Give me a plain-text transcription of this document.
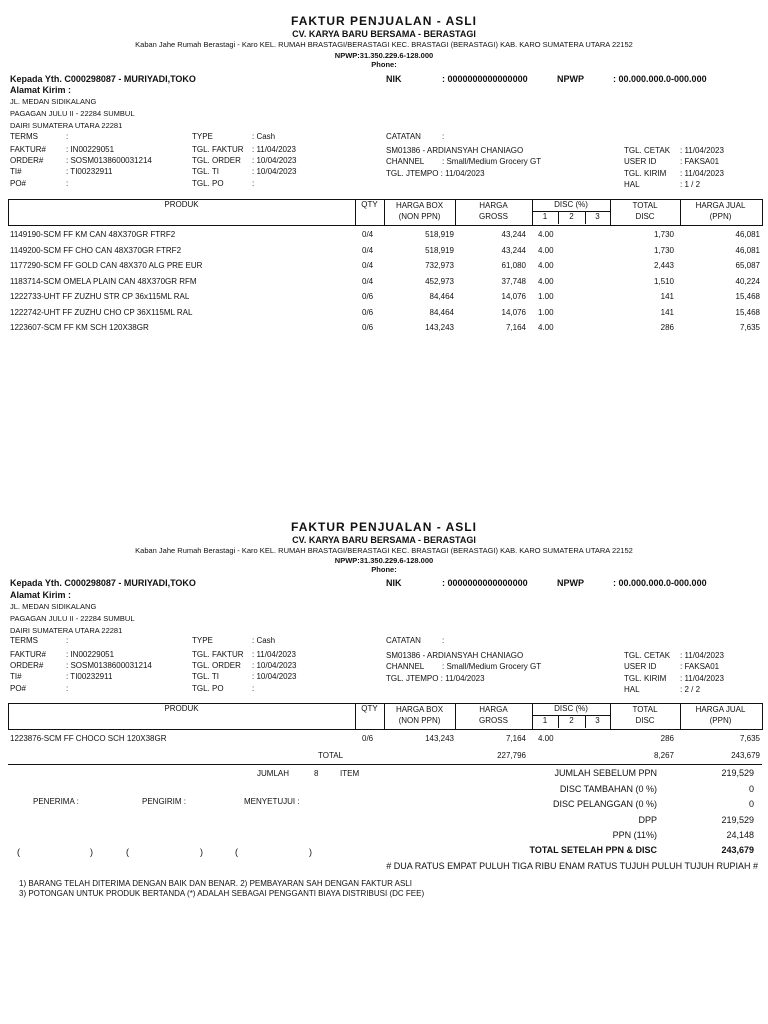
FAKTUR PENJUALAN - ASLI
CV. KARYA BARU BERSAMA - BERASTAGI
Kaban Jahe Rumah Berastagi - Karo KEL. RUMAH BRASTAGI/BERASTAGI KEC. BRASTAGI (BERASTAGI) KAB. KARO SUMATERA UTARA 22152
NPWP:31.350.229.6-128.000
Phone:
Kepada Yth. C000298087 - MURIYADI,TOKO
Alamat Kirim :
JL. MEDAN SIDIKALANG
PAGAGAN JULU II - 22284 SUMBUL
DAIRI SUMATERA UTARA 22281
NIK	: 0000000000000000	NPWP	: 00.000.000.0-000.000
TERMS	:
FAKTUR# : IN00229051
ORDER#	: SOSM0138600031214
TI#	: TI00232911
PO#	:
TYPE	: Cash
TGL. FAKTUR : 11/04/2023
TGL. ORDER : 10/04/2023
TGL. TI	: 10/04/2023
TGL. PO	:
CATATAN	:
SM01386 - ARDIANSYAH CHANIAGO
CHANNEL : Small/Medium Grocery GT
TGL. JTEMPO : 11/04/2023
TGL. CETAK : 11/04/2023
USER ID	: FAKSA01
TGL. KIRIM : 11/04/2023
HAL	: 1 / 2
PRODUK	QTY	HARGA BOX
(NON PPN)
HARGA
GROSS
DISC (%)
1	2	3
TOTAL
DISC
HARGA JUAL
(PPN)
1149190-SCM FF KM CAN 48X370GR FTRF2	0/4	518,919	43,244 4.00	1,730	46,081
1149200-SCM FF CHO CAN 48X370GR FTRF2	0/4	518,919	43,244 4.00	1,730	46,081
1177290-SCM FF GOLD CAN 48X370 ALG PRE EUR	0/4	732,973	61,080 4.00	2,443	65,087
1183714-SCM OMELA PLAIN CAN 48X370GR RFM	0/4	452,973	37,748 4.00	1,510	40,224
1222733-UHT FF ZUZHU STR CP 36x115ML RAL	0/6	84,464	14,076 1.00	141	15,468
1222742-UHT FF ZUZHU CHO CP 36X115ML RAL	0/6	84,464	14,076 1.00	141	15,468
1223607-SCM FF KM SCH 120X38GR	0/6	143,243	7,164 4.00	286	7,635
FAKTUR PENJUALAN - ASLI
CV. KARYA BARU BERSAMA - BERASTAGI
Kaban Jahe Rumah Berastagi - Karo KEL. RUMAH BRASTAGI/BERASTAGI KEC. BRASTAGI (BERASTAGI) KAB. KARO SUMATERA UTARA 22152
NPWP:31.350.229.6-128.000
Phone:
Kepada Yth. C000298087 - MURIYADI,TOKO
Alamat Kirim :
JL. MEDAN SIDIKALANG
PAGAGAN JULU II - 22284 SUMBUL
DAIRI SUMATERA UTARA 22281
NIK	: 0000000000000000	NPWP	: 00.000.000.0-000.000
TERMS	:
FAKTUR# : IN00229051
ORDER#	: SOSM0138600031214
TI#	: TI00232911
PO#	:
TYPE	: Cash
TGL. FAKTUR : 11/04/2023
TGL. ORDER : 10/04/2023
TGL. TI	: 10/04/2023
TGL. PO	:
CATATAN	:
SM01386 - ARDIANSYAH CHANIAGO
CHANNEL : Small/Medium Grocery GT
TGL. JTEMPO : 11/04/2023
TGL. CETAK : 11/04/2023
USER ID	: FAKSA01
TGL. KIRIM : 11/04/2023
HAL	: 2 / 2
PRODUK	QTY	HARGA BOX
(NON PPN)
HARGA
GROSS
DISC (%)
1	2	3
TOTAL
DISC
HARGA JUAL
(PPN)
1223876-SCM FF CHOCO SCH 120X38GR	0/6	143,243	7,164 4.00	286	7,635
TOTAL	227,796	8,267	243,679
JUMLAH	8	ITEM
PENERIMA :	PENGIRIM :	MENYETUJUI :
(	)	(	)	(	)
JUMLAH SEBELUM PPN	219,529
DISC TAMBAHAN (0 %)	0
DISC PELANGGAN (0 %)	0
DPP	219,529
PPN (11%)	24,148
TOTAL SETELAH PPN & DISC	243,679
# DUA RATUS EMPAT PULUH TIGA RIBU ENAM RATUS TUJUH PULUH TUJUH RUPIAH #
1) BARANG TELAH DITERIMA DENGAN BAIK DAN BENAR. 2) PEMBAYARAN SAH DENGAN FAKTUR ASLI
3) POTONGAN UNTUK PRODUK BERTANDA (*) ADALAH SEBAGAI PENGGANTI BIAYA DISTRIBUSI (DC FEE)
